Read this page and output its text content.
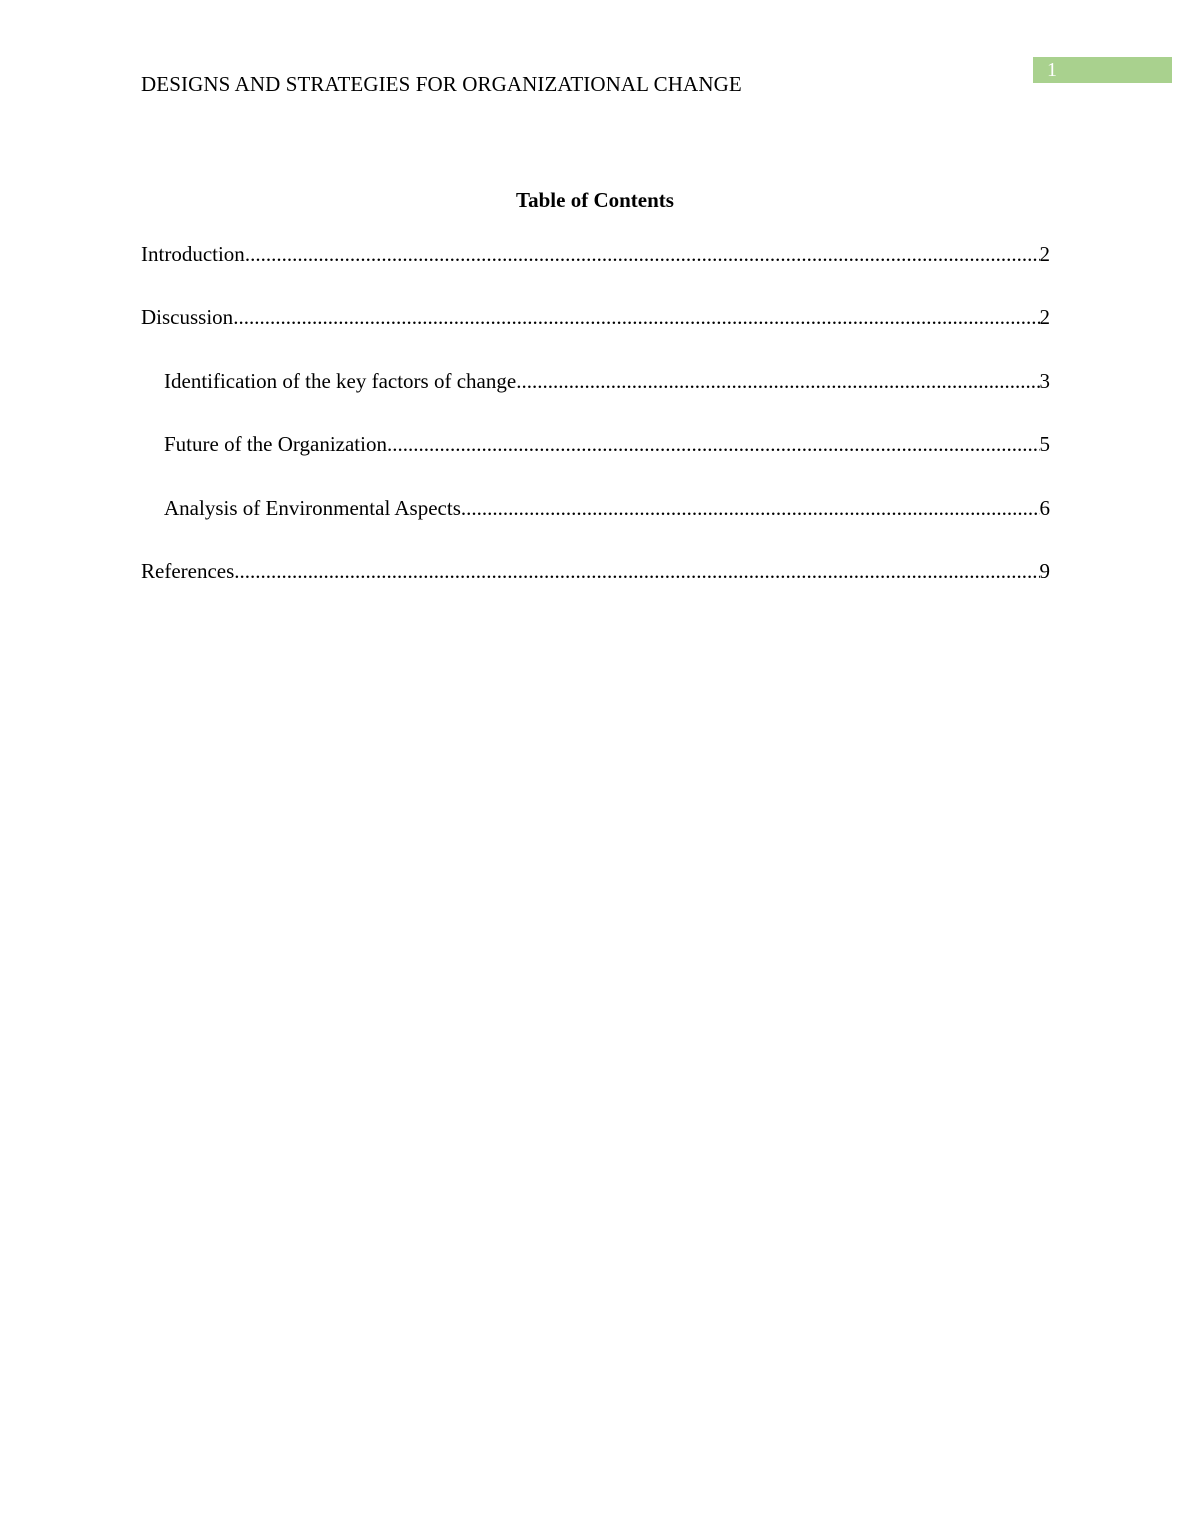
DESIGNS AND STRATEGIES FOR ORGANIZATIONAL CHANGE
1
Table of Contents
Introduction .....	2
Discussion .....	2
Identification of the key factors of change .....	3
Future of the Organization .....	5
Analysis of Environmental Aspects .....	6
References .....	9
